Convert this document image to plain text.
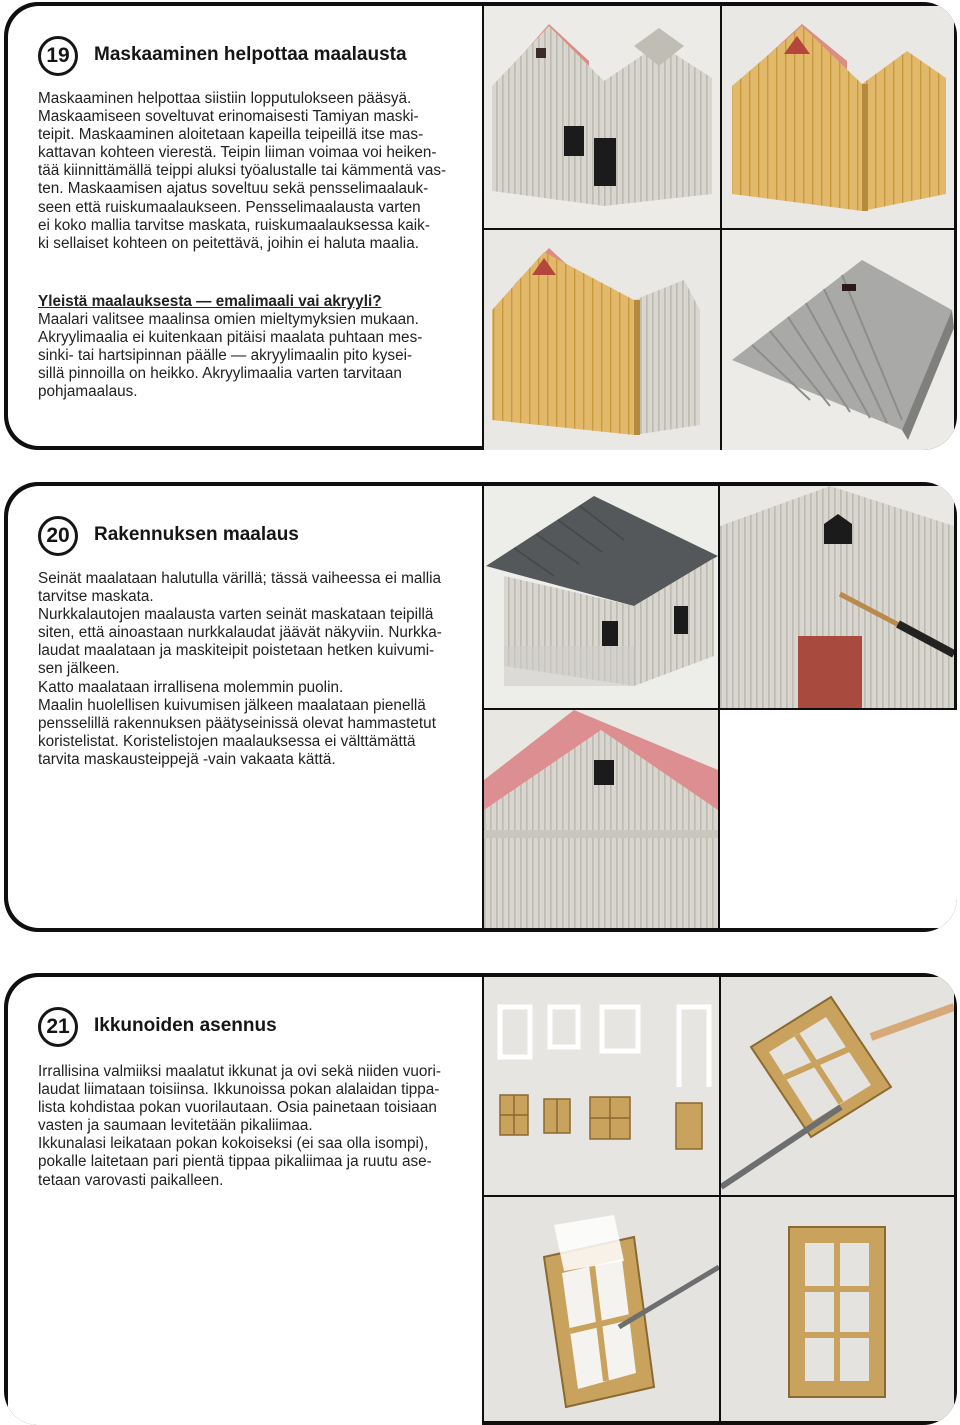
19	Maskaaminen helpottaa maalausta

Maskaaminen helpottaa siistiin lopputulokseen pääsyä.
Maskaamiseen soveltuvat erinomaisesti Tamiyan maski-
teipit. Maskaaminen aloitetaan kapeilla teipeillä itse mas-
kattavan kohteen vierestä. Teipin liiman voimaa voi heiken-
tää kiinnittämällä teippi aluksi työalustalle tai kämmentä vas-
ten. Maskaamisen ajatus soveltuu sekä pensselimaalauk-
seen että ruiskumaalaukseen. Pensselimaalausta varten
ei koko mallia tarvitse maskata, ruiskumaalauksessa kaik-
ki sellaiset kohteen on peitettävä, joihin ei haluta maalia.

Yleistä maalauksesta — emalimaali vai akryyli?
Maalari valitsee maalinsa omien mieltymyksien mukaan.
Akryylimaalia ei kuitenkaan pitäisi maalata puhtaan mes-
sinki- tai hartsipinnan päälle — akryylimaalin pito kysei-
sillä pinnoilla on heikko. Akryylimaalia varten tarvitaan
pohjamaalaus.

20	Rakennuksen maalaus

Seinät maalataan halutulla värillä; tässä vaiheessa ei mallia
tarvitse maskata.
Nurkkalautojen maalausta varten seinät maskataan teipillä
siten, että ainoastaan nurkkalaudat jäävät näkyviin. Nurkka-
laudat maalataan ja maskiteipit poistetaan hetken kuivumi-
sen jälkeen.
Katto maalataan irrallisena molemmin puolin.
Maalin huolellisen kuivumisen jälkeen maalataan pienellä
pensselillä rakennuksen päätyseinissä olevat hammastetut
koristelistat. Koristelistojen maalauksessa ei välttämättä
tarvita maskausteippejä -vain vakaata kättä.

21	Ikkunoiden asennus

Irrallisina valmiiksi maalatut ikkunat ja ovi sekä niiden vuori-
laudat liimataan toisiinsa. Ikkunoissa pokan alalaidan tippa-
lista kohdistaa pokan vuorilautaan. Osia painetaan toisiaan
vasten ja saumaan levitetään pikaliimaa.
Ikkunalasi leikataan pokan kokoiseksi (ei saa olla isompi),
pokalle laitetaan pari pientä tippaa pikaliimaa ja ruutu ase-
tetaan varovasti paikalleen.
